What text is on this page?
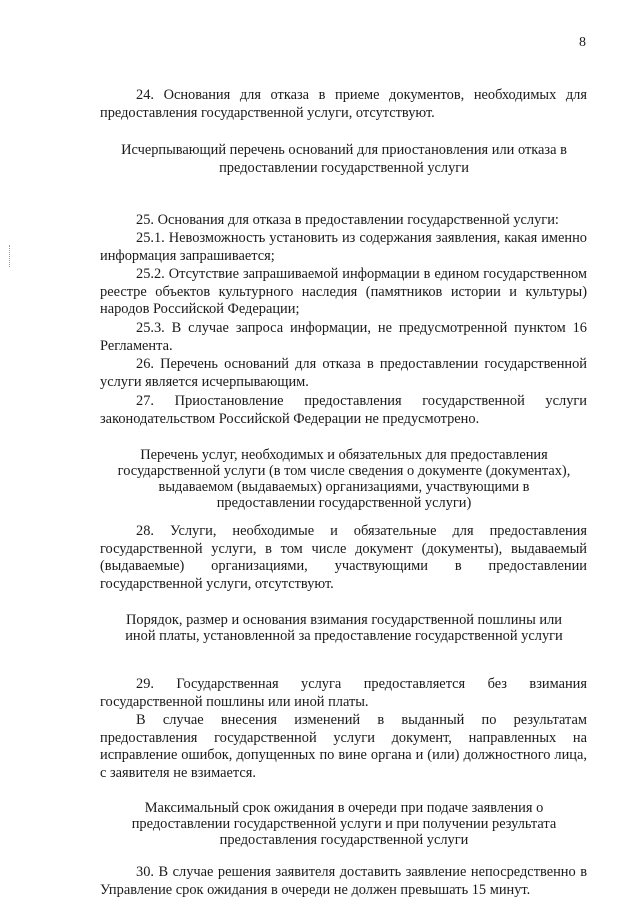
8

24. Основания для отказа в приеме документов, необходимых для предоставления государственной услуги, отсутствуют.

Исчерпывающий перечень оснований для приостановления или отказа в предоставлении государственной услуги

25. Основания для отказа в предоставлении государственной услуги:

25.1. Невозможность установить из содержания заявления, какая именно информация запрашивается;

25.2. Отсутствие запрашиваемой информации в едином государственном реестре объектов культурного наследия (памятников истории и культуры) народов Российской Федерации;

25.3. В случае запроса информации, не предусмотренной пунктом 16 Регламента.

26. Перечень оснований для отказа в предоставлении государственной услуги является исчерпывающим.

27. Приостановление предоставления государственной услуги законодательством Российской Федерации не предусмотрено.

Перечень услуг, необходимых и обязательных для предоставления государственной услуги (в том числе сведения о документе (документах), выдаваемом (выдаваемых) организациями, участвующими в предоставлении государственной услуги)

28. Услуги, необходимые и обязательные для предоставления государственной услуги, в том числе документ (документы), выдаваемый (выдаваемые) организациями, участвующими в предоставлении государственной услуги, отсутствуют.

Порядок, размер и основания взимания государственной пошлины или иной платы, установленной за предоставление государственной услуги

29. Государственная услуга предоставляется без взимания государственной пошлины или иной платы.

В случае внесения изменений в выданный по результатам предоставления государственной услуги документ, направленных на исправление ошибок, допущенных по вине органа и (или) должностного лица, с заявителя не взимается.

Максимальный срок ожидания в очереди при подаче заявления о предоставлении государственной услуги и при получении результата предоставления государственной услуги

30. В случае решения заявителя доставить заявление непосредственно в Управление срок ожидания в очереди не должен превышать 15 минут.
